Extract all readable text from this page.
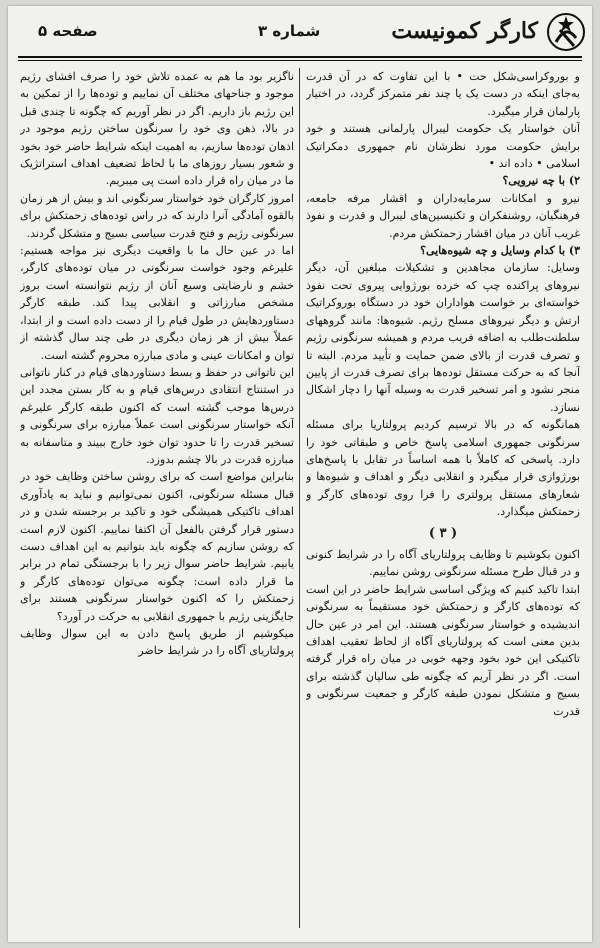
کارگر کمونیست
شماره ۳
صفحه ۵

و بوروکراسی‌شکل حت • با این تفاوت که در آن قدرت به‌جای اینکه در دست یک یا چند نفر متمرکز گردد، در اختیار پارلمان قرار میگیرد.

آنان خواستار یک حکومت لیبرال پارلمانی هستند و خود برایش حکومت مورد نظرشان نام جمهوری دمکراتیک اسلامی • داده اند •

۲) با چه نیرویی؟

نیرو و امکانات سرمایه‌داران و اقشار مرفه جامعه، فرهنگیان، روشنفکران و تکنیسین‌های لیبرال و قدرت و نفوذ غریب آنان در میان اقشار زحمتکش مردم.

۳) با کدام وسایل و چه شیوه‌هایی؟

وسایل: سازمان مجاهدین و تشکیلات مبلغین آن، دیگر نیروهای پراکنده چپ که خرده بورژوایی پیروی تحت نفوذ خواسته‌ای بر خواست هواداران خود در دستگاه بوروکراتیک ارتش و دیگر نیروهای مسلح رژیم. شیوه‌ها: مانند گروههای سلطنت‌طلب به اضافه فریب مردم و همیشه سرنگونی رژیم و تصرف قدرت از بالای ضمن حمایت و تأیید مردم. البته تا آنجا که به حرکت مستقل توده‌ها برای تصرف قدرت از پایین منجر نشود و امر تسخیر قدرت به وسیله آنها را دچار اشکال نسازد.

همانگونه که در بالا ترسیم کردیم پرولتاریا برای مسئله سرنگونی جمهوری اسلامی پاسخ خاص و طبقاتی خود را دارد. پاسخی که کاملاً با همه اساساً در تقابل با پاسخ‌های بورژوازی قرار میگیرد و انقلابی دیگر و اهداف و شیوه‌ها و شعارهای مستقل پرولتری را فرا روی توده‌های کارگر و زحمتکش میگذارد.

( ۳ )

اکنون بکوشیم تا وظایف پرولتاریای آگاه را در شرایط کنونی و در قبال طرح مسئله سرنگونی روشن نماییم.

ابتدا تاکید کنیم که ویژگی اساسی شرایط حاضر در این است که توده‌های کارگر و زحمتکش خود مستقیماً به سرنگونی اندیشیده و خواستار سرنگونی هستند. این امر در عین حال بدین معنی است که پرولتاریای آگاه از لحاظ تعقیب اهداف تاکتیکی این خود بخود وجهه خوبی در میان راه قرار گرفته است. اگر در نظر آریم که چگونه طی سالیان گذشته برای بسیج و متشکل نمودن طبقه کارگر و جمعیت سرنگونی و قدرت

ناگزیر بود ما هم به عمده تلاش خود را صرف افشای رژیم موجود و جناحهای مختلف آن نماییم و توده‌ها را از تمکین به این رژیم باز داریم. اگر در نظر آوریم که چگونه تا چندی قبل در بالا، ذهن وی خود را سرنگون ساختن رژیم موجود در اذهان توده‌ها سازیم، به اهمیت اینکه شرایط حاضر خود بخود و شعور بسیار روزهای ما با لحاظ تضعیف اهداف استراتژیک ما در میان راه قرار داده است پی میبریم.

امروز کارگران خود خواستار سرنگونی اند و بیش از هر زمان بالقوه آمادگی آنرا دارند که در راس توده‌های زحمتکش برای سرنگونی رژیم و فتح قدرت سیاسی بسیج و متشکل گردند.

اما در عین حال ما با واقعیت دیگری نیز مواجه هستیم: علیرغم وجود خواست سرنگونی در میان توده‌های کارگر، خشم و نارضایتی وسیع آنان از رژیم نتوانسته است بروز مشخص مبارزاتی و انقلابی پیدا کند. طبقه کارگر دستاوردهایش در طول قیام را از دست داده است و از ابتدا، عملاً بیش از هر زمان دیگری در طی چند سال گذشته از توان و امکانات عینی و مادی مبارزه محروم گشته است.

این ناتوانی در حفظ و بسط دستاوردهای قیام در کنار ناتوانی در استنتاج انتقادی درس‌های قیام و به کار بستن مجدد این درس‌ها موجب گشته است که اکنون طبقه کارگر علیرغم آنکه خواستار سرنگونی است عملاً مبارزه برای سرنگونی و تسخیر قدرت را تا حدود توان خود خارج ببیند و متاسفانه به مبارزه قدرت در بالا چشم بدوزد.

بنابراین مواضع است که برای روشن ساختن وظایف خود در قبال مسئله سرنگونی، اکنون نمی‌توانیم و نباید به یادآوری اهداف تاکتیکی همیشگی خود و تاکید بر برجسته شدن و در دستور قرار گرفتن بالفعل آن اکتفا نماییم. اکنون لازم است که روشن سازیم که چگونه باید بتوانیم به این اهداف دست یابیم. شرایط حاضر سوال زیر را با برجستگی تمام در برابر ما قرار داده است: چگونه می‌توان توده‌های کارگر و زحمتکش را که اکنون خواستار سرنگونی هستند برای جایگزینی رژیم با جمهوری انقلابی به حرکت در آورد؟

میکوشیم از طریق پاسخ دادن به این سوال وظایف پرولتاریای آگاه را در شرایط حاضر
